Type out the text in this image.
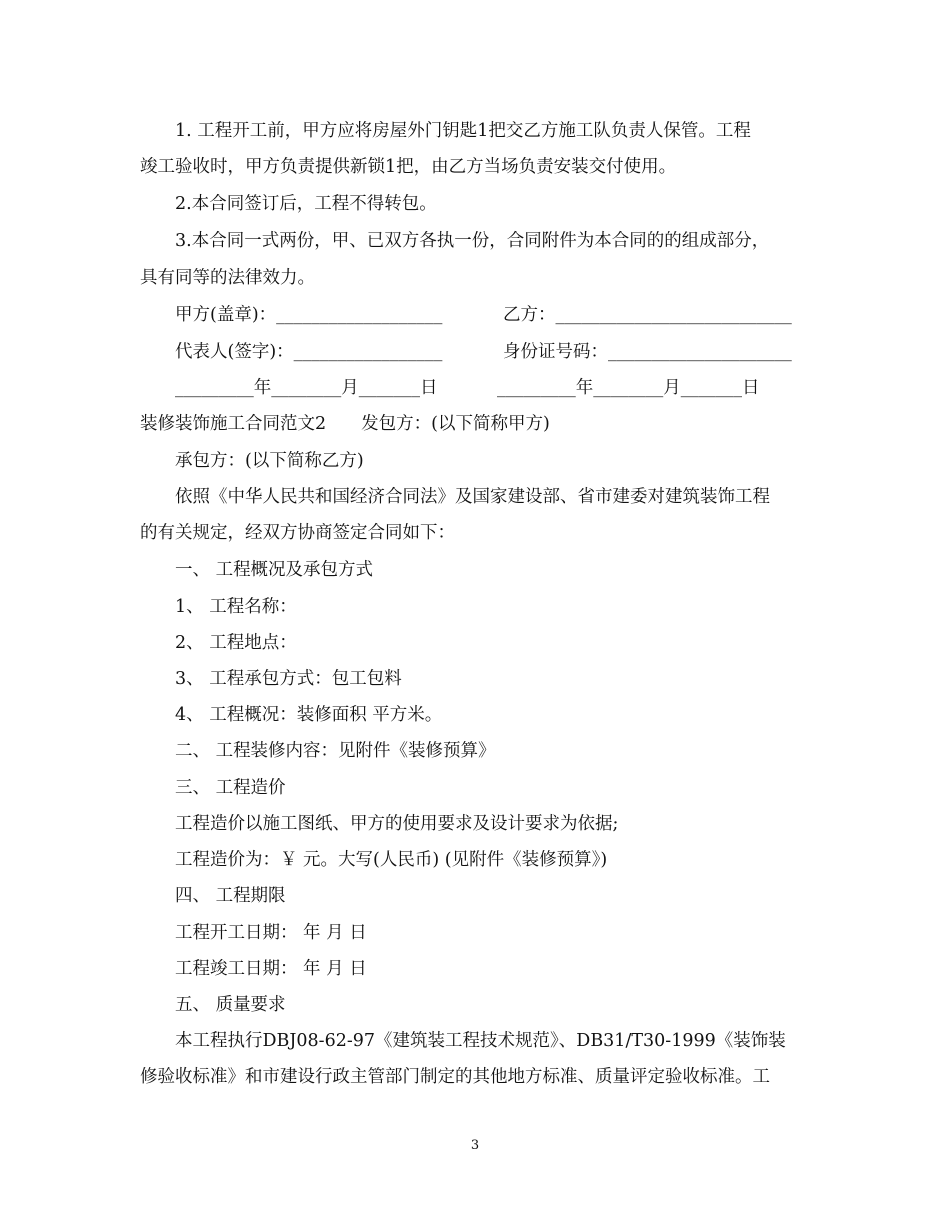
1. 工程开工前，甲方应将房屋外门钥匙1把交乙方施工队负责人保管。工程
竣工验收时，甲方负责提供新锁1把，由乙方当场负责安装交付使用。
2.本合同签订后，工程不得转包。
3.本合同一式两份，甲、已双方各执一份，合同附件为本合同的的组成部分，
具有同等的法律效力。
甲方(盖章)：___________________	乙方：___________________________
代表人(签字)：_________________	身份证号码：_____________________
_________年________月_______日	_________年________月_______日
装修装饰施工合同范文2　　发包方：(以下简称甲方)
承包方：(以下简称乙方)
依照《中华人民共和国经济合同法》及国家建设部、省市建委对建筑装饰工程
的有关规定，经双方协商签定合同如下：
一、 工程概况及承包方式
1、 工程名称：
2、 工程地点：
3、 工程承包方式：包工包料
4、 工程概况：装修面积 平方米。
二、 工程装修内容：见附件《装修预算》
三、 工程造价
工程造价以施工图纸、甲方的使用要求及设计要求为依据;
工程造价为：￥ 元。大写(人民币) (见附件《装修预算》)
四、 工程期限
工程开工日期： 年 月 日
工程竣工日期： 年 月 日
五、 质量要求
本工程执行DBJ08-62-97《建筑装工程技术规范》、DB31/T30-1999《装饰装
修验收标准》和市建设行政主管部门制定的其他地方标准、质量评定验收标准。工
3
